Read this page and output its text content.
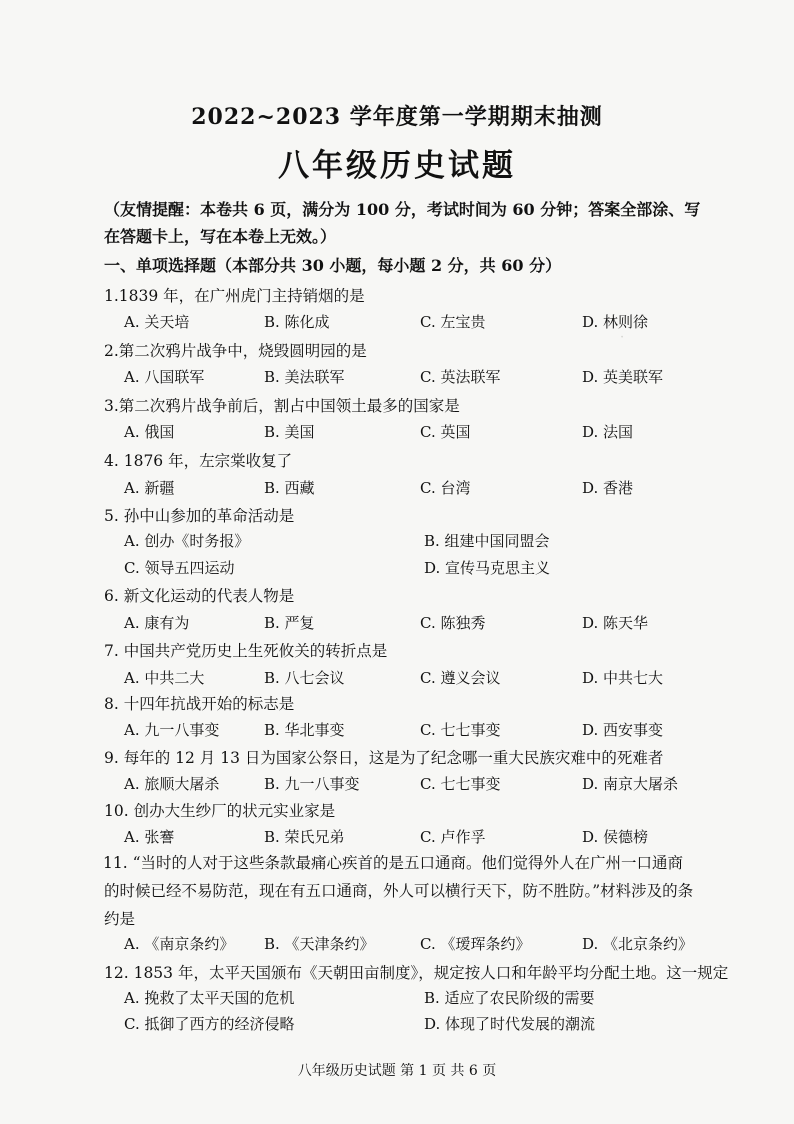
·
2022~2023 学年度第一学期期末抽测
八年级历史试题
（友情提醒：本卷共 6 页，满分为 100 分，考试时间为 60 分钟；答案全部涂、写在答题卡上，写在本卷上无效。）
一、单项选择题（本部分共 30 小题，每小题 2 分，共 60 分）
1.1839 年，在广州虎门主持销烟的是
A. 关天培	B. 陈化成	C. 左宝贵	D. 林则徐
2.第二次鸦片战争中，烧毁圆明园的是
A. 八国联军	B. 美法联军	C. 英法联军	D. 英美联军
3.第二次鸦片战争前后，割占中国领土最多的国家是
A. 俄国	B. 美国	C. 英国	D. 法国
4. 1876 年，左宗棠收复了
A. 新疆	B. 西藏	C. 台湾	D. 香港
5. 孙中山参加的革命活动是
A. 创办《时务报》	B. 组建中国同盟会
C. 领导五四运动	D. 宣传马克思主义
6. 新文化运动的代表人物是
A. 康有为	B. 严复	C. 陈独秀	D. 陈天华
7. 中国共产党历史上生死攸关的转折点是
A. 中共二大	B. 八七会议	C. 遵义会议	D. 中共七大
8. 十四年抗战开始的标志是
A. 九一八事变	B. 华北事变	C. 七七事变	D. 西安事变
9. 每年的 12 月 13 日为国家公祭日，这是为了纪念哪一重大民族灾难中的死难者
A. 旅顺大屠杀	B. 九一八事变	C. 七七事变	D. 南京大屠杀
10. 创办大生纱厂的状元实业家是
A. 张謇	B. 荣氏兄弟	C. 卢作孚	D. 侯德榜
11. “当时的人对于这些条款最痛心疾首的是五口通商。他们觉得外人在广州一口通商的时候已经不易防范，现在有五口通商，外人可以横行天下，防不胜防。”材料涉及的条约是
A. 《南京条约》 B. 《天津条约》	C. 《瑷珲条约》	D. 《北京条约》
12. 1853 年，太平天国颁布《天朝田亩制度》，规定按人口和年龄平均分配土地。这一规定
A. 挽救了太平天国的危机	B. 适应了农民阶级的需要
C. 抵御了西方的经济侵略	D. 体现了时代发展的潮流
八年级历史试题 第 1 页 共 6 页
